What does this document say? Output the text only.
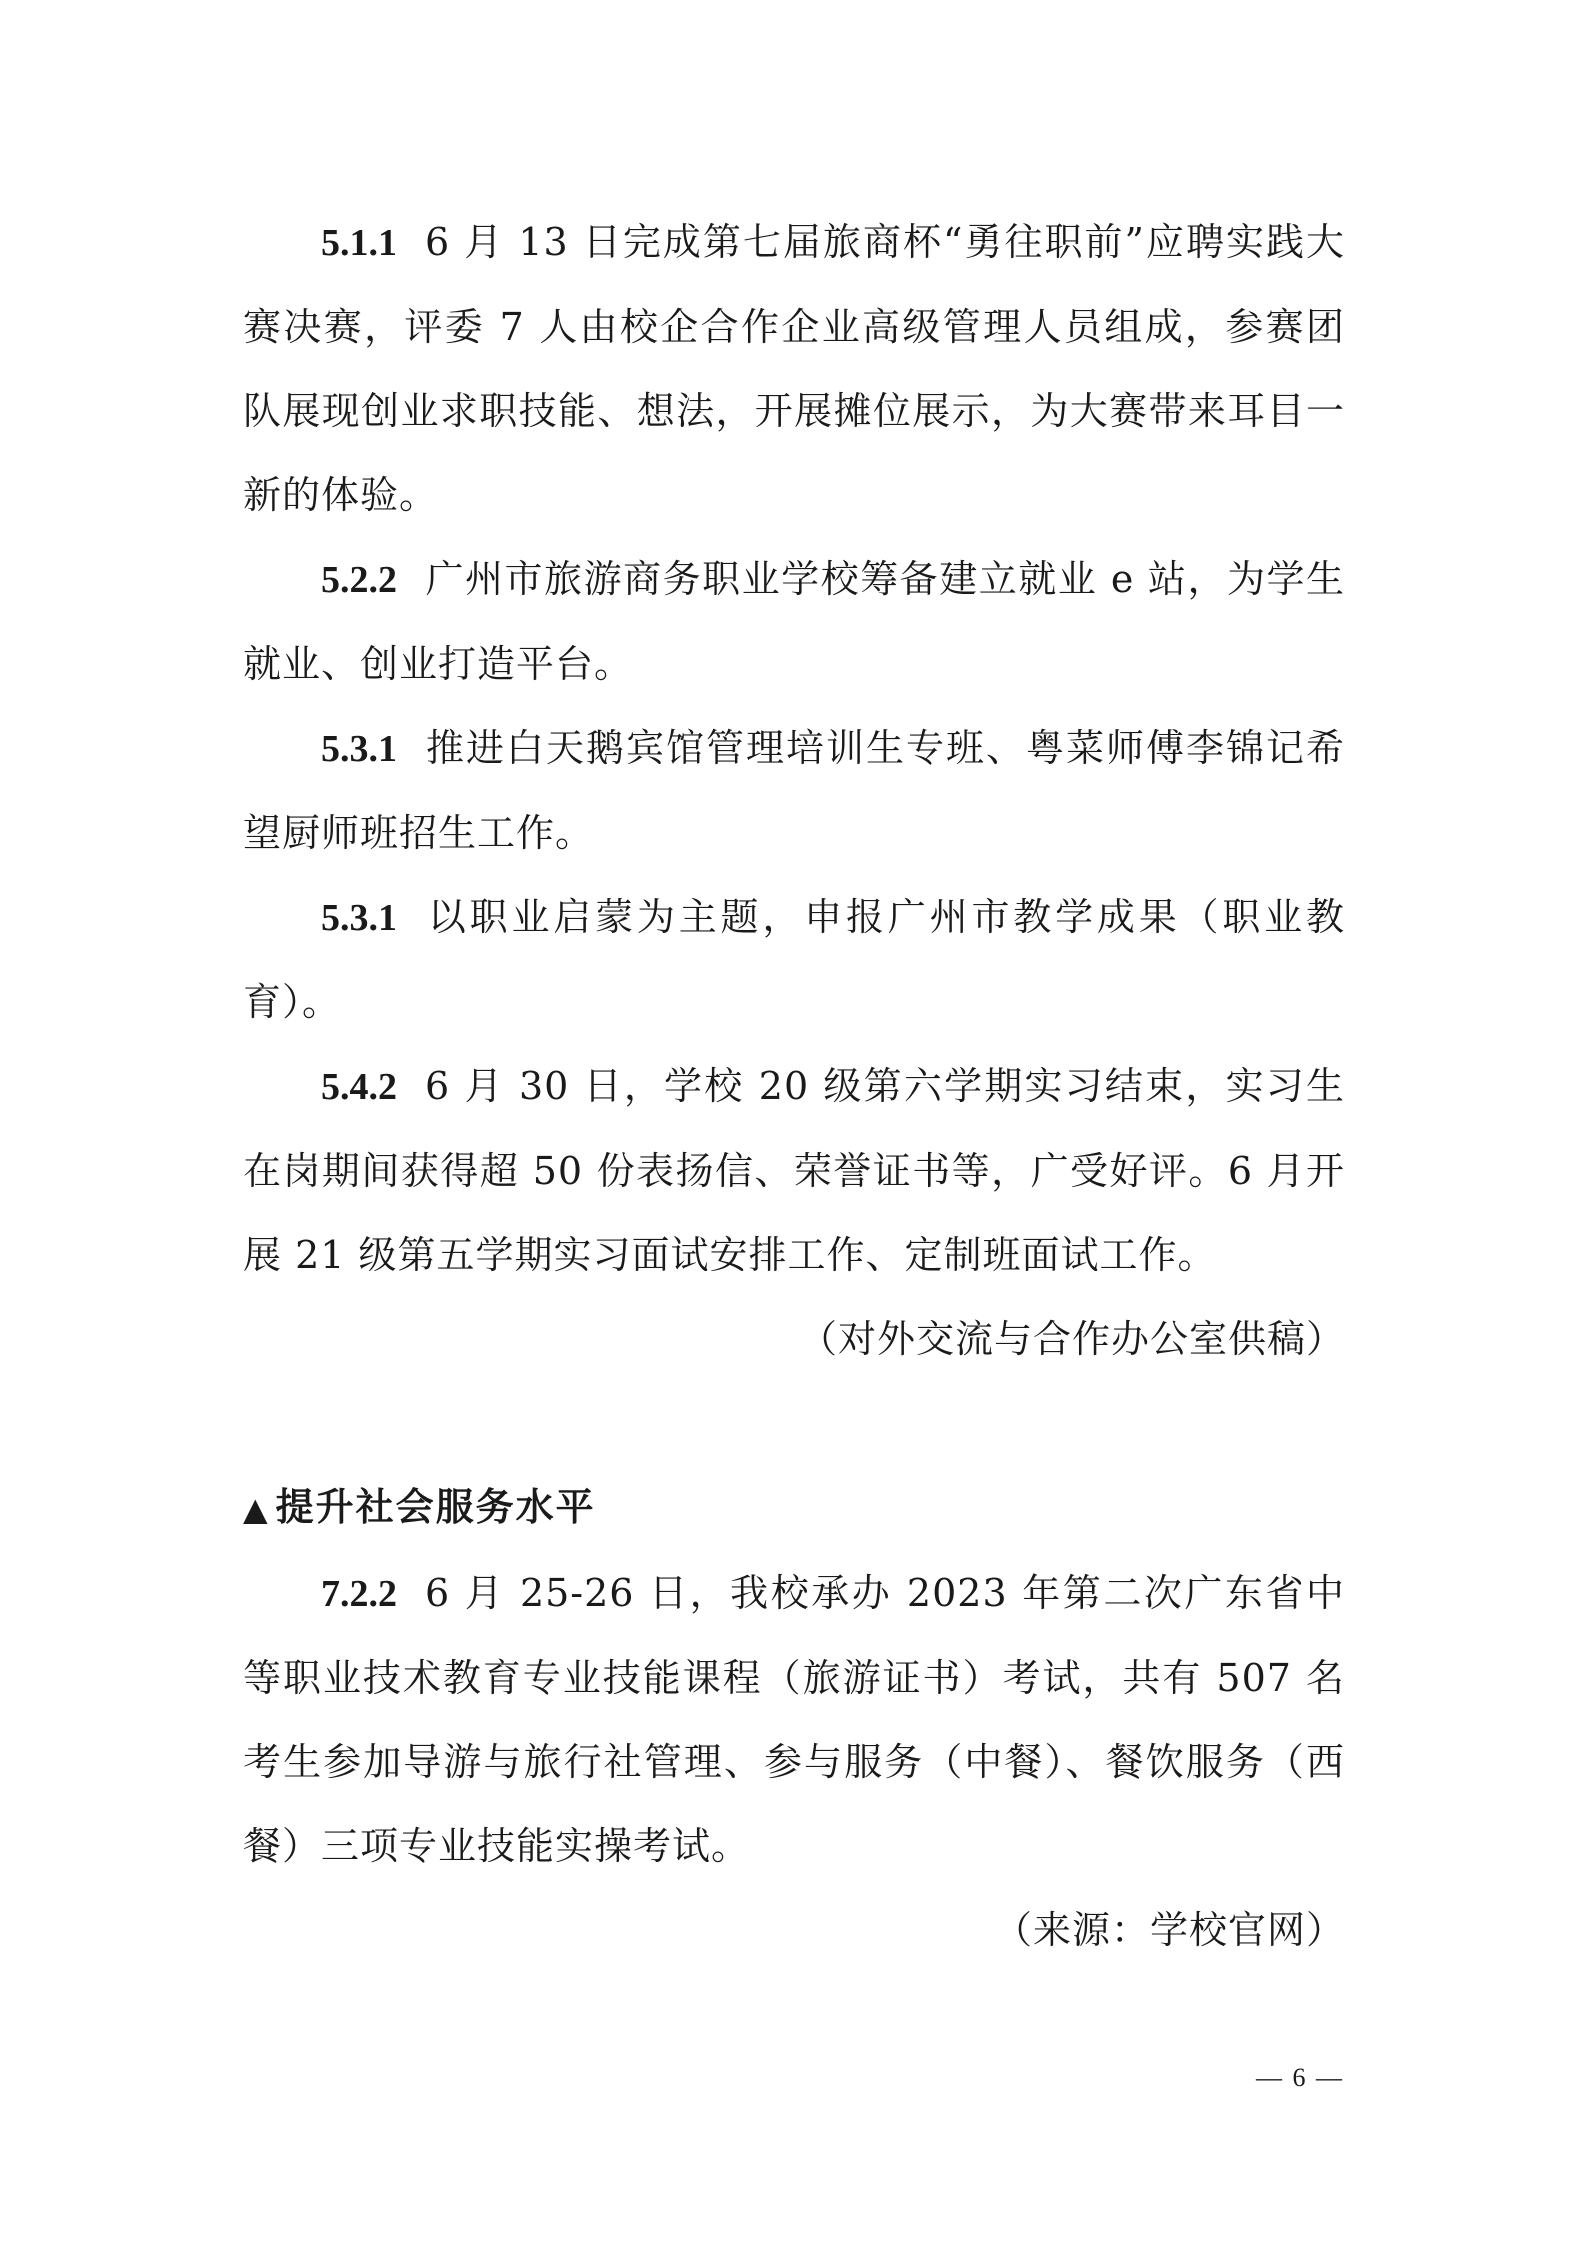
5.1.1 6 月 13 日完成第七届旅商杯“勇往职前”应聘实践大赛决赛，评委 7 人由校企合作企业高级管理人员组成，参赛团队展现创业求职技能、想法，开展摊位展示，为大赛带来耳目一新的体验。

5.2.2 广州市旅游商务职业学校筹备建立就业 e 站，为学生就业、创业打造平台。

5.3.1 推进白天鹅宾馆管理培训生专班、粤菜师傅李锦记希望厨师班招生工作。

5.3.1 以职业启蒙为主题，申报广州市教学成果（职业教育）。

5.4.2 6 月 30 日，学校 20 级第六学期实习结束，实习生在岗期间获得超 50 份表扬信、荣誉证书等，广受好评。6 月开展 21 级第五学期实习面试安排工作、定制班面试工作。

（对外交流与合作办公室供稿）

▲ 提升社会服务水平

7.2.2 6 月 25-26 日，我校承办 2023 年第二次广东省中等职业技术教育专业技能课程（旅游证书）考试，共有 507 名考生参加导游与旅行社管理、参与服务（中餐）、餐饮服务（西餐）三项专业技能实操考试。

（来源：学校官网）

— 6 —
